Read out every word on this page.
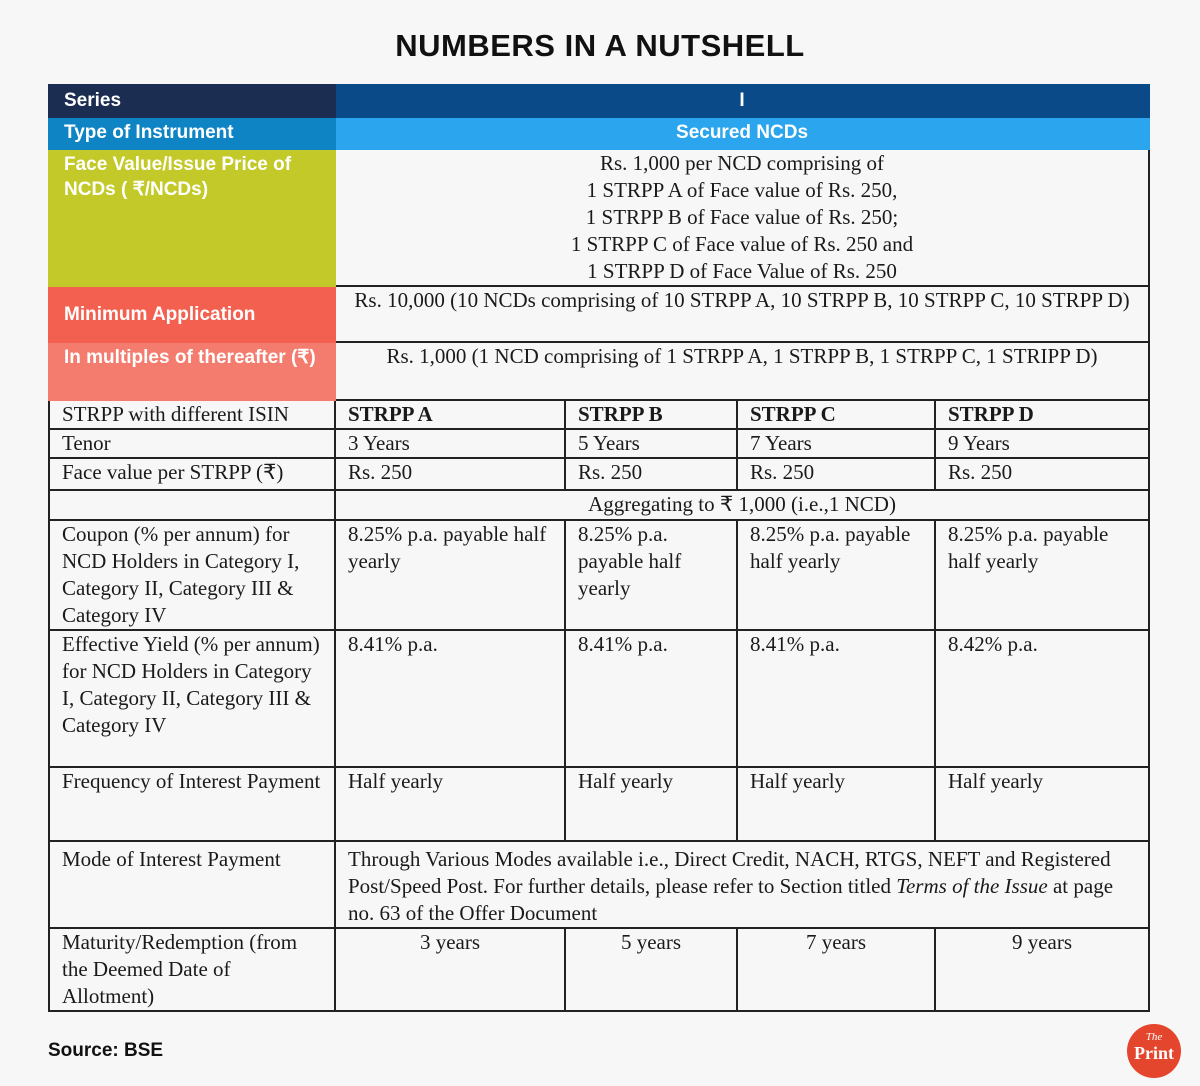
NUMBERS IN A NUTSHELL
Series	I			
Type of Instrument	Secured NCDs			
Face Value/Issue Price of NCDs ( ₹/NCDs)	Rs. 1,000 per NCD comprising of
1 STRPP A of Face value of Rs. 250,
1 STRPP B of Face value of Rs. 250;
1 STRPP C of Face value of Rs. 250 and
1 STRPP D of Face Value of Rs. 250			

Minimum Application	Rs. 10,000 (10 NCDs comprising of 10 STRPP A, 10 STRPP B, 10 STRPP C, 10 STRPP D)			
In multiples of thereafter (₹)	Rs. 1,000 (1 NCD comprising of 1 STRPP A, 1 STRPP B, 1 STRPP C, 1 STRIPP D)			
STRPP with different ISIN	STRPP A	STRPP B	STRPP C	STRPP D
Tenor	3 Years	5 Years	7 Years	9 Years
Face value per STRPP (₹)	Rs. 250	Rs. 250	Rs. 250	Rs. 250
	Aggregating to ₹ 1,000 (i.e.,1 NCD)			
Coupon (% per annum) for NCD Holders in Category I, Category II, Category III & Category IV	8.25% p.a. payable half yearly	8.25% p.a. payable half yearly	8.25% p.a. payable half yearly	8.25% p.a. payable half yearly
Effective Yield (% per annum) for NCD Holders in Category I, Category II, Category III & Category IV	8.41% p.a.	8.41% p.a.	8.41% p.a.	8.42% p.a.
Frequency of Interest Payment	Half yearly	Half yearly	Half yearly	Half yearly
Mode of Interest Payment	Through Various Modes available i.e., Direct Credit, NACH, RTGS, NEFT and Registered Post/Speed Post. For further details, please refer to Section titled Terms of the Issue at page no. 63 of the Offer Document			
Maturity/Redemption (from the Deemed Date of Allotment)	3 years	5 years	7 years	9 years
Source: BSE
The
Print
